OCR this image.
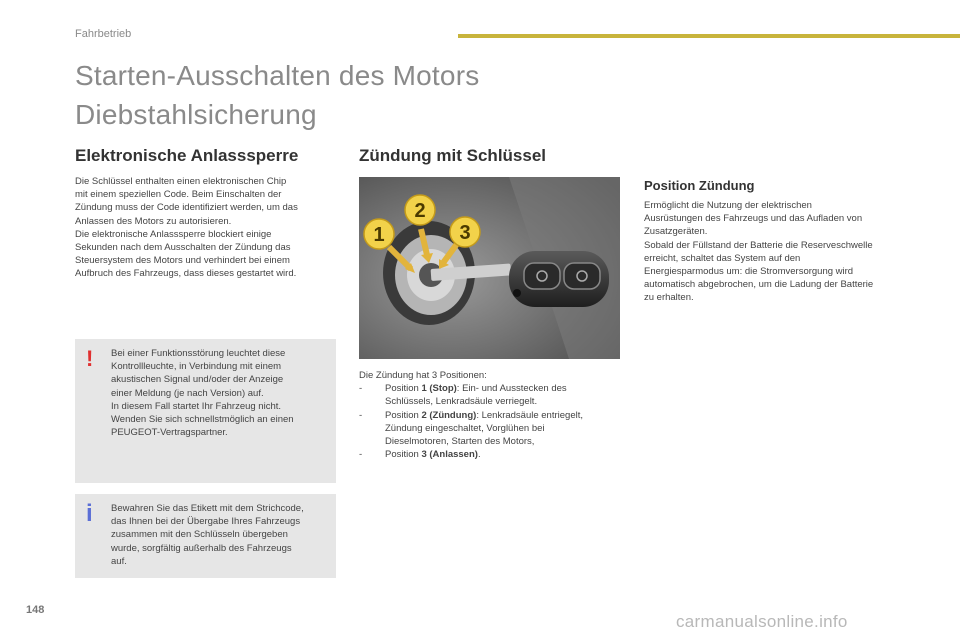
Fahrbetrieb
Starten-Ausschalten des Motors
Diebstahlsicherung
Elektronische Anlasssperre

Die Schlüssel enthalten einen elektronischen Chip

mit einem speziellen Code. Beim Einschalten der

Zündung muss der Code identifiziert werden, um das

Anlassen des Motors zu autorisieren.

Die elektronische Anlasssperre blockiert einige

Sekunden nach dem Ausschalten der Zündung das

Steuersystem des Motors und verhindert bei einem

Aufbruch des Fahrzeugs, dass dieses gestartet wird.

! Bei einer Funktionsstörung leuchtet diese

Kontrollleuchte, in Verbindung mit einem

akustischen Signal und/oder der Anzeige

einer Meldung (je nach Version) auf.

In diesem Fall startet Ihr Fahrzeug nicht.

Wenden Sie sich schnellstmöglich an einen

PEUGEOT-Vertragspartner.

i Bewahren Sie das Etikett mit dem Strichcode,

das Ihnen bei der Übergabe Ihres Fahrzeugs

zusammen mit den Schlüsseln übergeben

wurde, sorgfältig außerhalb des Fahrzeugs

auf.

Zündung mit Schlüssel
1
2
3
Die Zündung hat 3 Positionen:
-	Position 1 (Stop): Ein- und Ausstecken des
Schlüssels, Lenkradsäule verriegelt.
-	Position 2 (Zündung): Lenkradsäule entriegelt,
Zündung eingeschaltet, Vorglühen bei
Dieselmotoren, Starten des Motors,
-	Position 3 (Anlassen).
Position Zündung

Ermöglicht die Nutzung der elektrischen

Ausrüstungen des Fahrzeugs und das Aufladen von

Zusatzgeräten.

Sobald der Füllstand der Batterie die Reserveschwelle

erreicht, schaltet das System auf den

Energiesparmodus um: die Stromversorgung wird

automatisch abgebrochen, um die Ladung der Batterie

zu erhalten.

148
carmanualsonline.info
